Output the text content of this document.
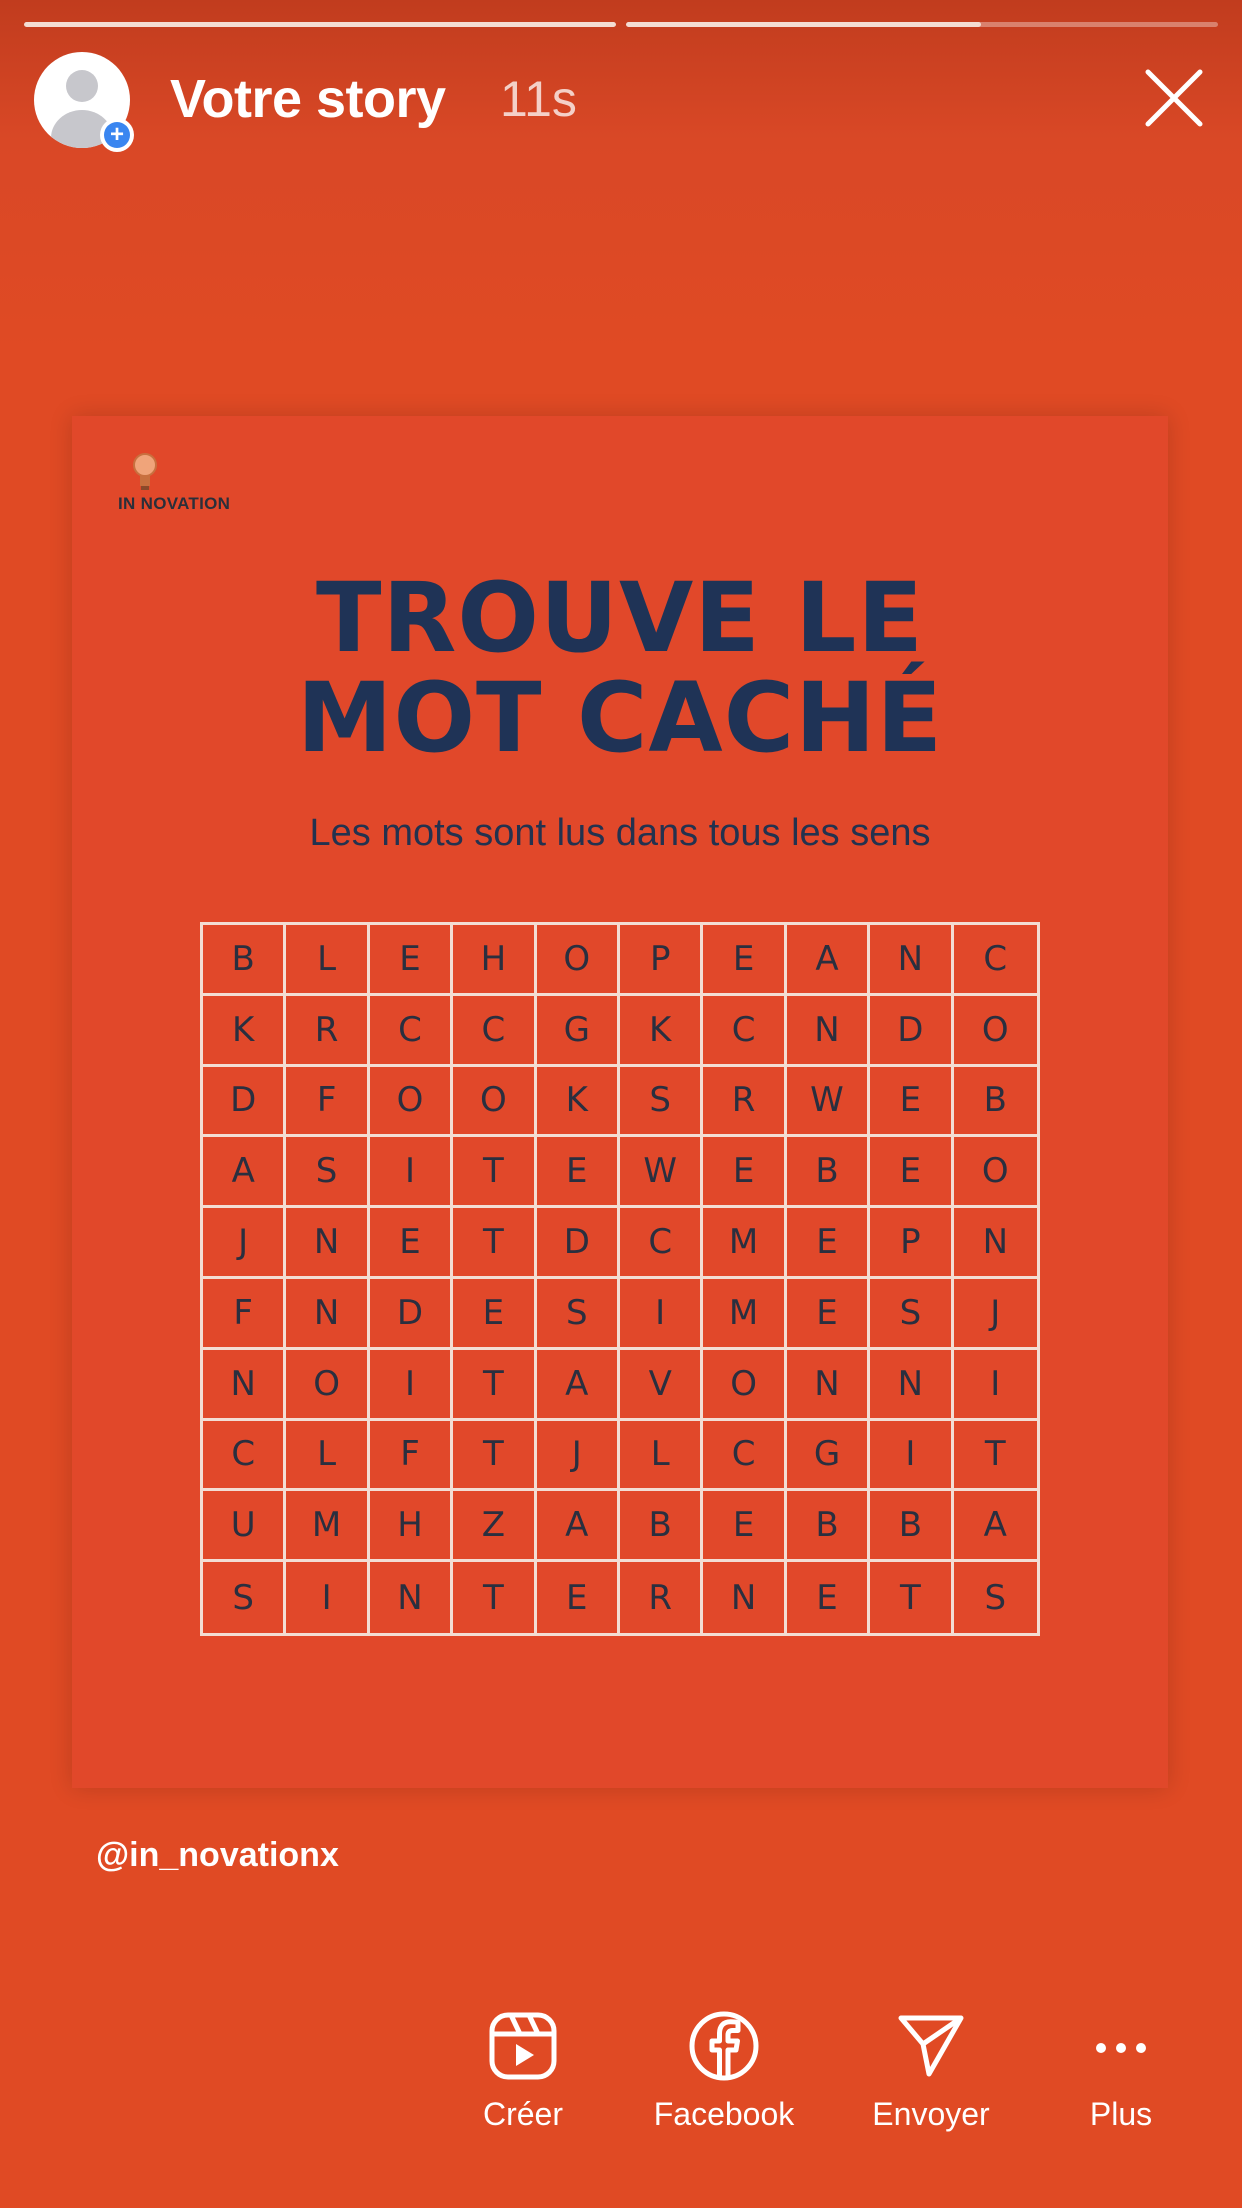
+
Votre story 11s
IN NOVATION
TROUVE LE
MOT CACHÉ
Les mots sont lus dans tous les sens
B	L	E	H	O	P	E	A	N	C
K	R	C	C	G	K	C	N	D	O
D	F	O	O	K	S	R	W	E	B
A	S	I	T	E	W	E	B	E	O
J	N	E	T	D	C	M	E	P	N
F	N	D	E	S	I	M	E	S	J
N	O	I	T	A	V	O	N	N	I
C	L	F	T	J	L	C	G	I	T
U	M	H	Z	A	B	E	B	B	A
S	I	N	T	E	R	N	E	T	S
@in_novationx
Créer	Facebook	Envoyer	Plus
